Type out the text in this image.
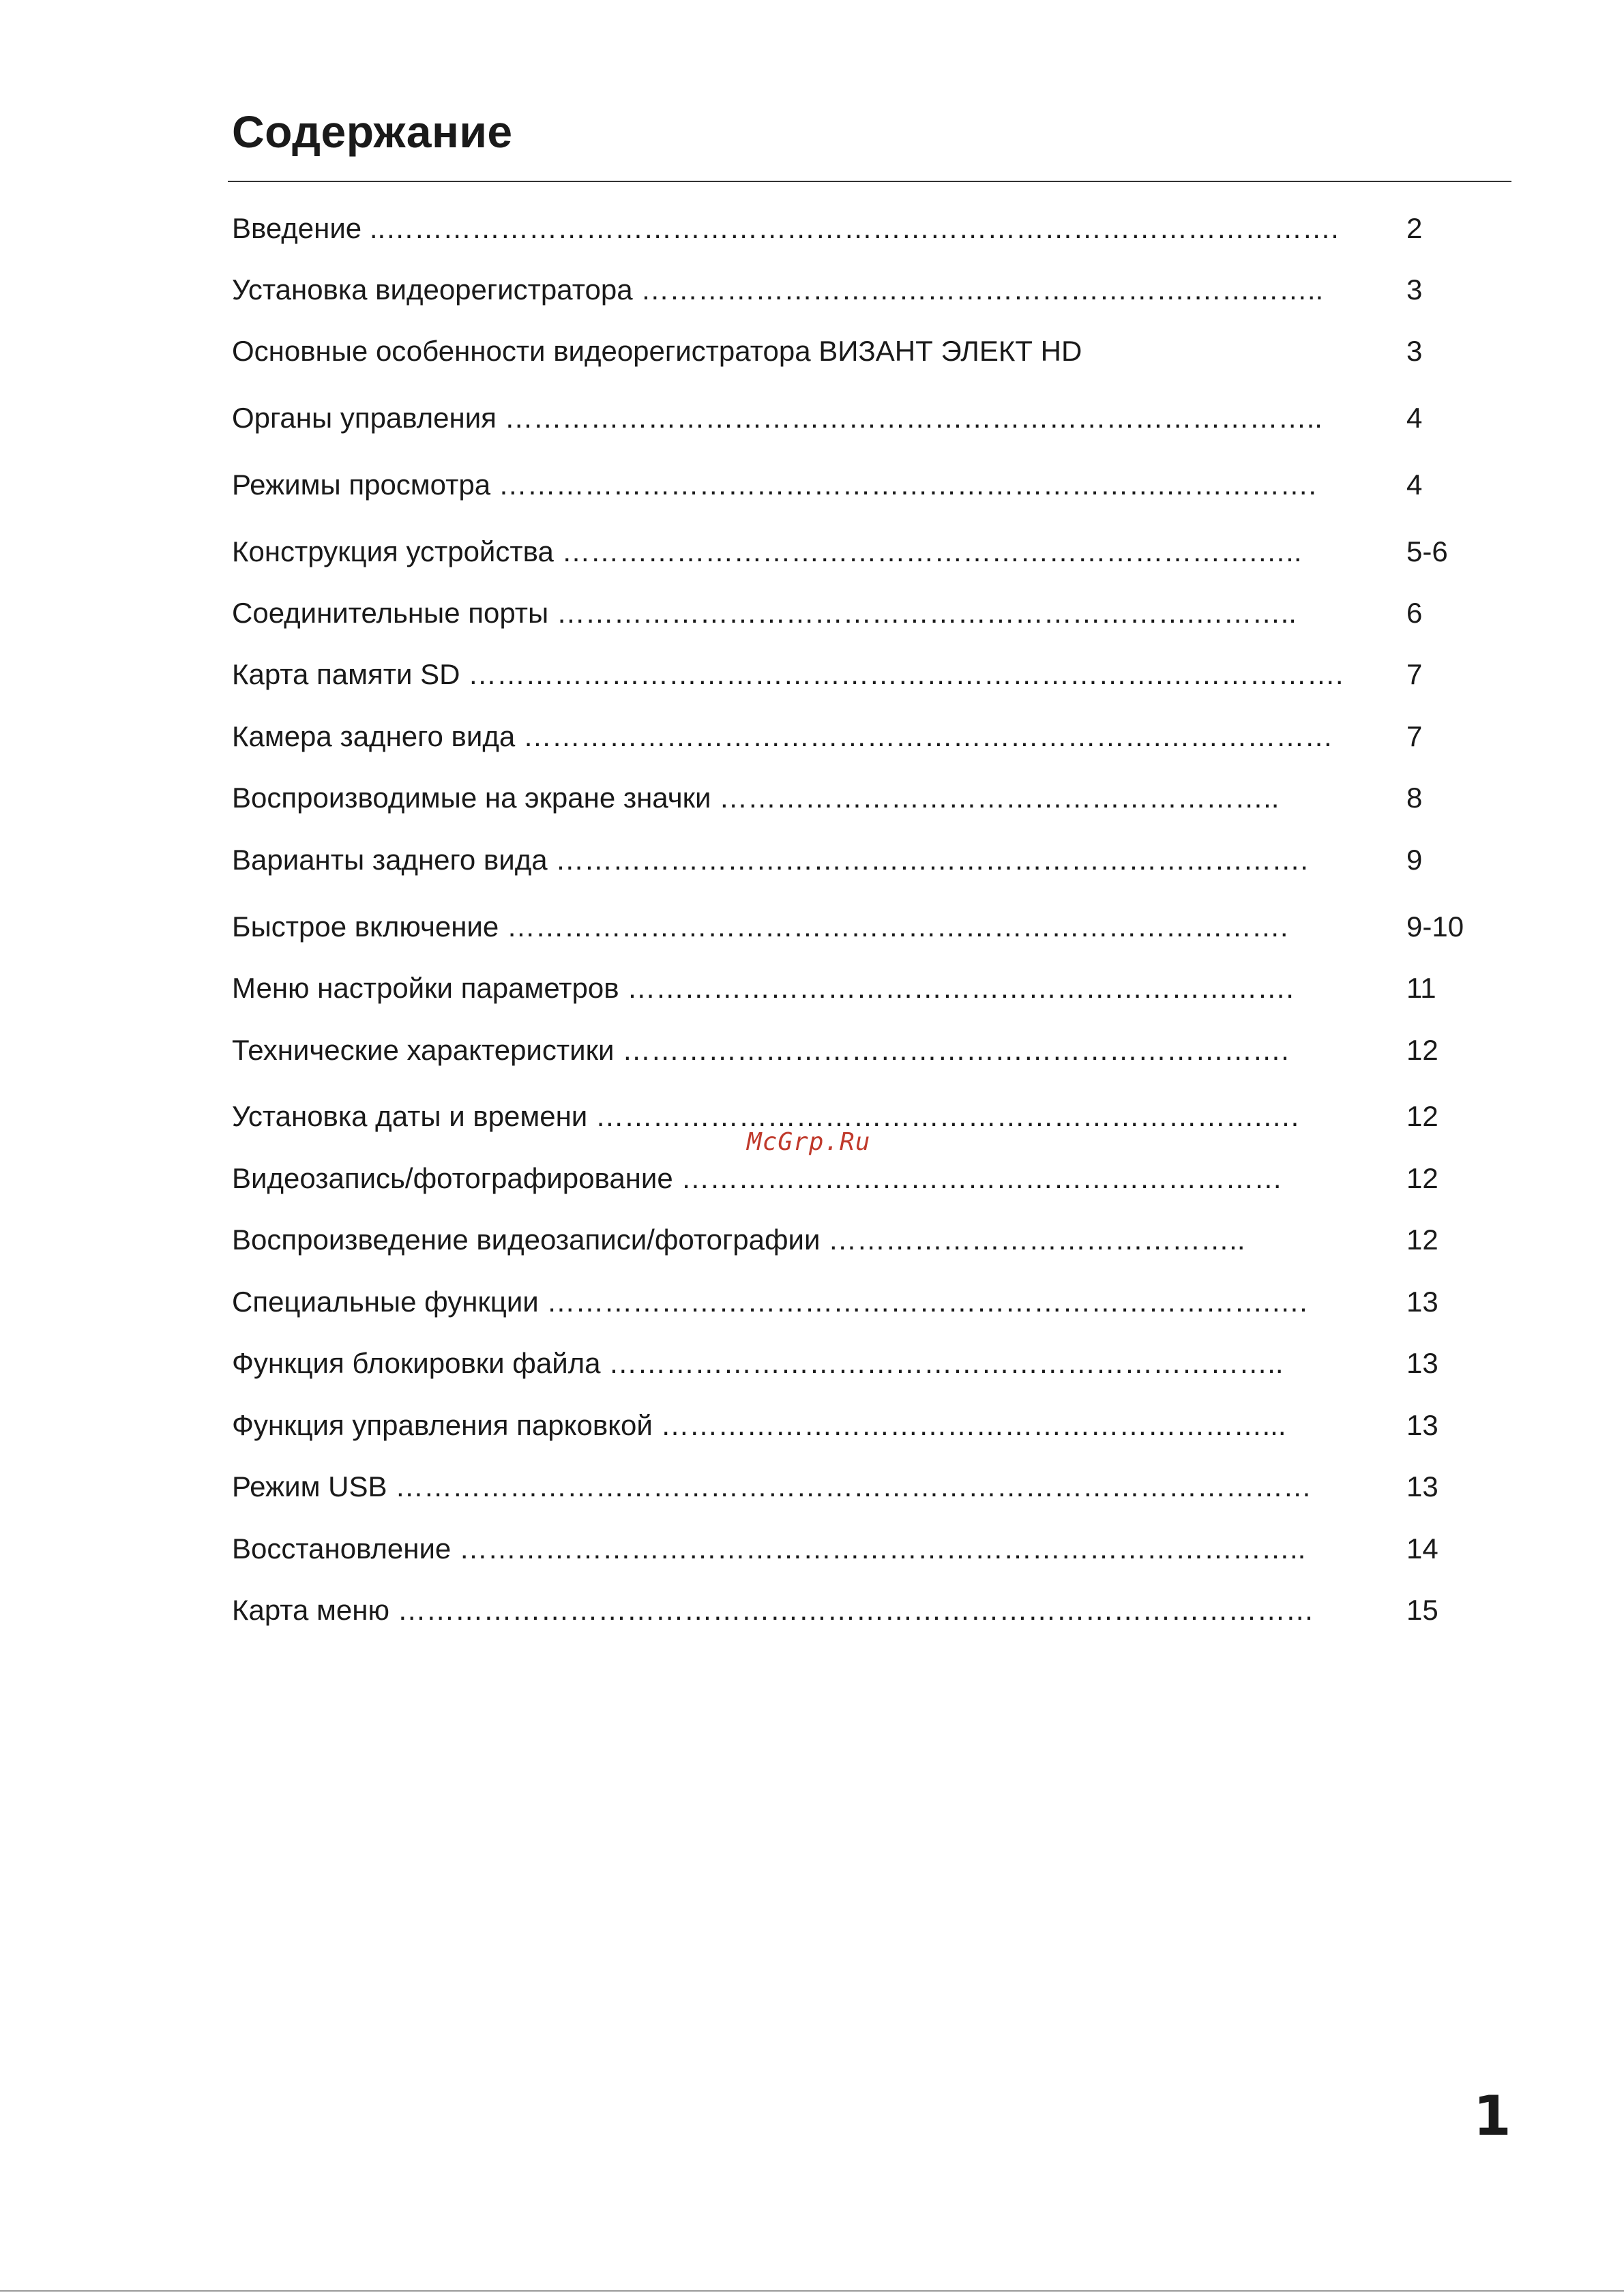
Содержание
Введение ..………………………………………………………………………………………. 2
Установка видеорегистратора ………………………………………………….…………..	3
Основные особенности видеорегистратора ВИЗАНТ ЭЛЕКТ HD	3
Органы управления …………………………………………………………………………..	4
Режимы просмотра …………………………………………………………….…………….	4
Конструкция устройства ……………………………………………………………….…..	5-6
Соединительные порты ………………………………………………………….………..	6
Карта памяти SD ……………………………………………………………….………………. 7
Камера заднего вида ………………………………………………………….………………	7
Воспроизводимые на экране значки …………………………………………………..	8
Варианты заднего вида …………………………………………………………………….	9
Быстрое включение ……………………………………………………………………….	9-10
Меню настройки параметров …………………………………………………………….	11
Технические характеристики …………………………………………………………….	12
Установка даты и времени …………………………………………………………….….	12
Видеозапись/фотографирование ………………………………………………………	12
Воспроизведение видеозаписи/фотографии ……………………………………..	12
Специальные функции ………………………………………………………………….….	13
Функция блокировки файла ……………………………………………………………..	13
Функция управления парковкой ………………………………………………………...	13
Режим USB ……………………………………………………………………………………	13
Восстановление ……………………………………………………………………………..	14
Карта меню ……………………………………………………………………………………	15
McGrp.Ru
1
